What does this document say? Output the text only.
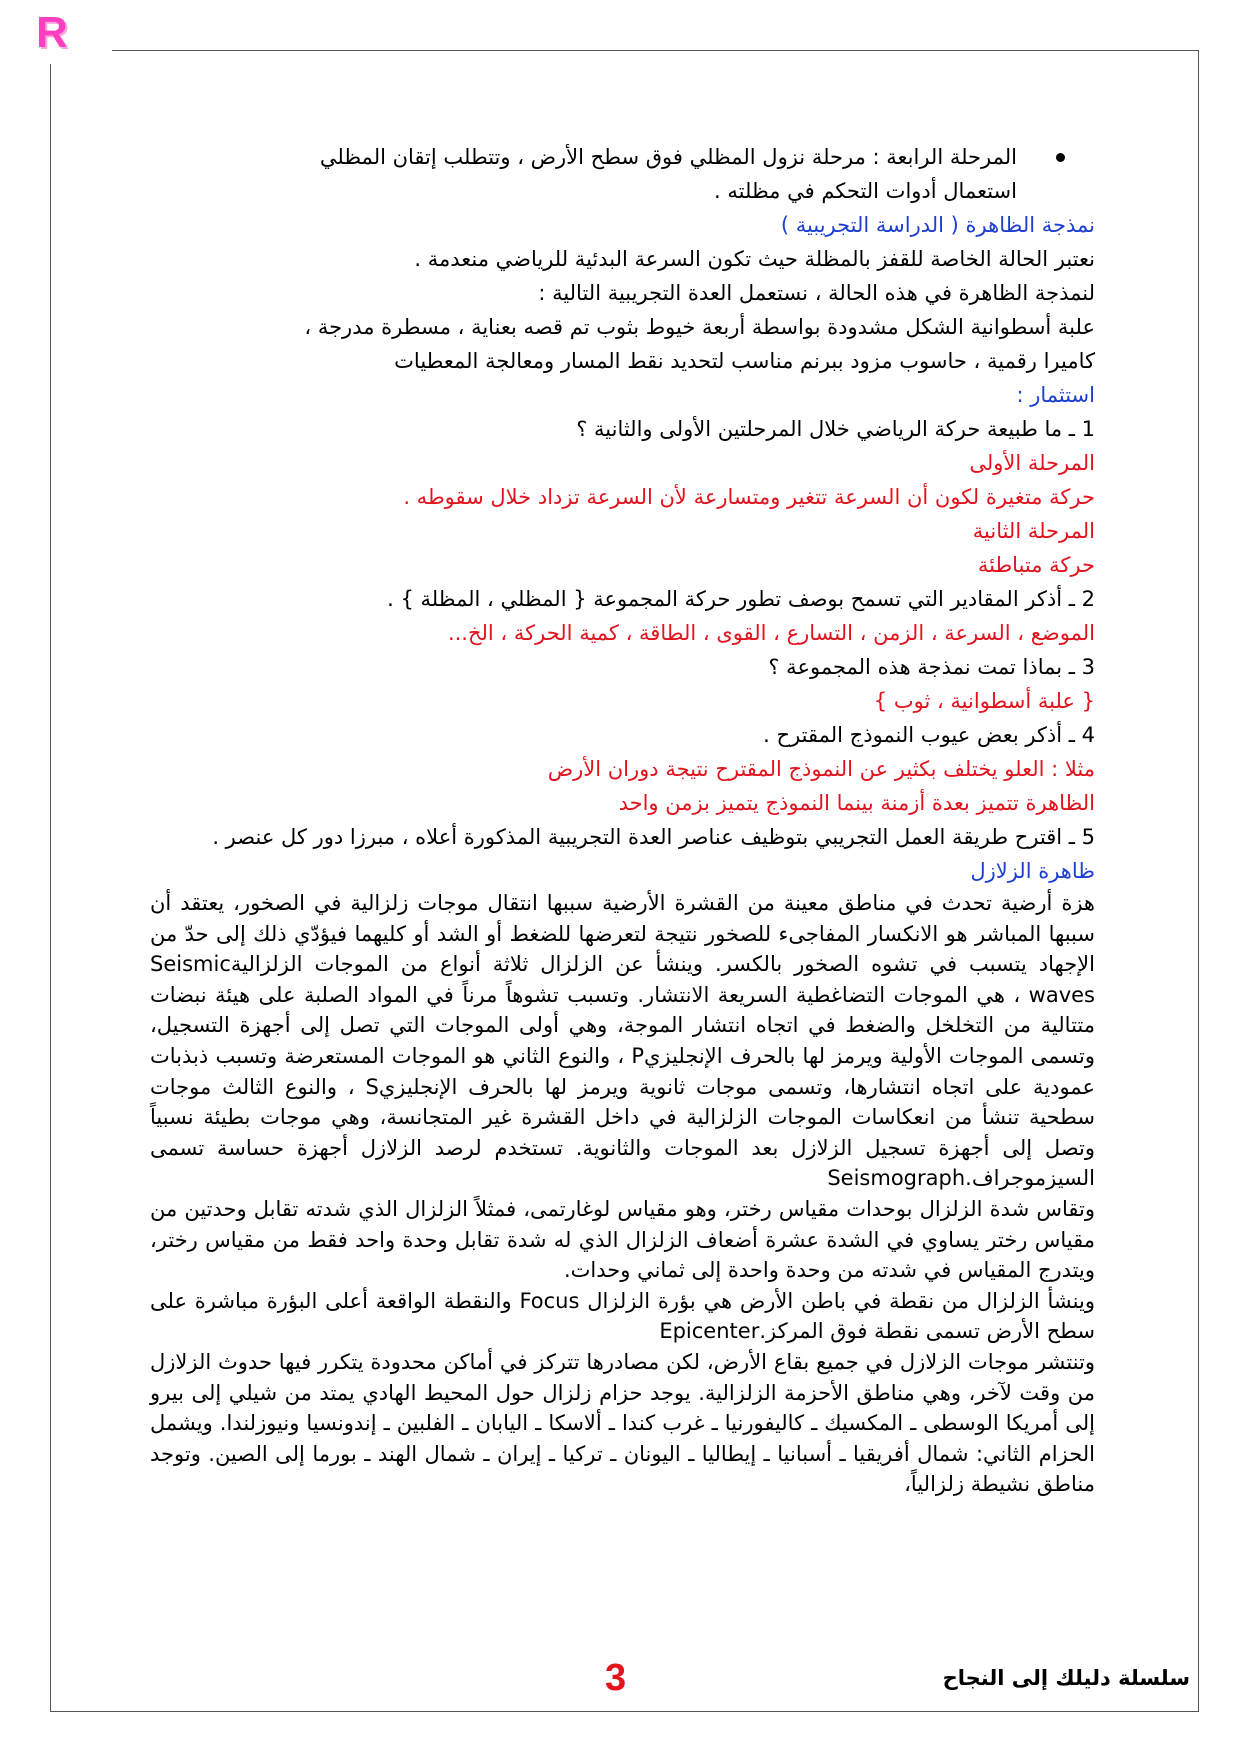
R
المرحلة الرابعة : مرحلة نزول المظلي فوق سطح الأرض ، وتتطلب إتقان المظلي
استعمال أدوات التحكم في مظلته .
نمذجة الظاهرة ( الدراسة التجريبية )
نعتبر الحالة الخاصة للقفز بالمظلة حيث تكون السرعة البدئية للرياضي منعدمة .
لنمذجة الظاهرة في هذه الحالة ، نستعمل العدة التجريبية التالية :
علبة أسطوانية الشكل مشدودة بواسطة أربعة خيوط بثوب تم قصه بعناية ، مسطرة مدرجة ،
كاميرا رقمية ، حاسوب مزود ببرنم مناسب لتحديد نقط المسار ومعالجة المعطيات
استثمار :
1 ـ ما طبيعة حركة الرياضي خلال المرحلتين الأولى والثانية ؟
المرحلة الأولى
حركة متغيرة لكون أن السرعة تتغير ومتسارعة لأن السرعة تزداد خلال سقوطه .
المرحلة الثانية
حركة متباطئة
2 ـ أذكر المقادير التي تسمح بوصف تطور حركة المجموعة { المظلي ، المظلة } .
الموضع ، السرعة ، الزمن ، التسارع ، القوى ، الطاقة ، كمية الحركة ، الخ...
3 ـ بماذا تمت نمذجة هذه المجموعة ؟
{ علبة أسطوانية ، ثوب }
4 ـ أذكر بعض عيوب النموذج المقترح .
مثلا : العلو يختلف بكثير عن النموذج المقترح نتيجة دوران الأرض
الظاهرة تتميز بعدة أزمنة بينما النموذج يتميز بزمن واحد
5 ـ اقترح طريقة العمل التجريبي بتوظيف عناصر العدة التجريبية المذكورة أعلاه ، مبرزا دور كل عنصر .
ظاهرة الزلازل
هزة أرضية تحدث في مناطق معينة من القشرة الأرضية سببها انتقال موجات زلزالية في الصخور، يعتقد أن سببها المباشر هو الانكسار المفاجىء للصخور نتيجة لتعرضها للضغط أو الشد أو كليهما فيؤدّي ذلك إلى حدّ من الإجهاد يتسبب في تشوه الصخور بالكسر. وينشأ عن الزلزال ثلاثة أنواع من الموجات الزلزاليةSeismic waves ، هي الموجات التضاغطية السريعة الانتشار. وتسبب تشوهاً مرناً في المواد الصلبة على هيئة نبضات متتالية من التخلخل والضغط في اتجاه انتشار الموجة، وهي أولى الموجات التي تصل إلى أجهزة التسجيل، وتسمى الموجات الأولية ويرمز لها بالحرف الإنجليزيP ، والنوع الثاني هو الموجات المستعرضة وتسبب ذبذبات عمودية على اتجاه انتشارها، وتسمى موجات ثانوية ويرمز لها بالحرف الإنجليزيS ، والنوع الثالث موجات سطحية تنشأ من انعكاسات الموجات الزلزالية في داخل القشرة غير المتجانسة، وهي موجات بطيئة نسبياً وتصل إلى أجهزة تسجيل الزلازل بعد الموجات والثانوية. تستخدم لرصد الزلازل أجهزة حساسة تسمى السيزموجراف.Seismograph
وتقاس شدة الزلزال بوحدات مقياس رختر، وهو مقياس لوغارتمى، فمثلاً الزلزال الذي شدته تقابل وحدتين من مقياس رختر يساوي في الشدة عشرة أضعاف الزلزال الذي له شدة تقابل وحدة واحد فقط من مقياس رختر، ويتدرج المقياس في شدته من وحدة واحدة إلى ثماني وحدات.
وينشأ الزلزال من نقطة في باطن الأرض هي بؤرة الزلزال Focus والنقطة الواقعة أعلى البؤرة مباشرة على سطح الأرض تسمى نقطة فوق المركز.Epicenter
وتنتشر موجات الزلازل في جميع بقاع الأرض، لكن مصادرها تتركز في أماكن محدودة يتكرر فيها حدوث الزلازل من وقت لآخر، وهي مناطق الأحزمة الزلزالية. يوجد حزام زلزال حول المحيط الهادي يمتد من شيلي إلى بيرو إلى أمريكا الوسطى ـ المكسيك ـ كاليفورنيا ـ غرب كندا ـ ألاسكا ـ اليابان ـ الفلبين ـ إندونسيا ونيوزلندا. ويشمل الحزام الثاني: شمال أفريقيا ـ أسبانيا ـ إيطاليا ـ اليونان ـ تركيا ـ إيران ـ شمال الهند ـ بورما إلى الصين. وتوجد مناطق نشيطة زلزالياً،
سلسلة دليلك إلى النجاح
3
